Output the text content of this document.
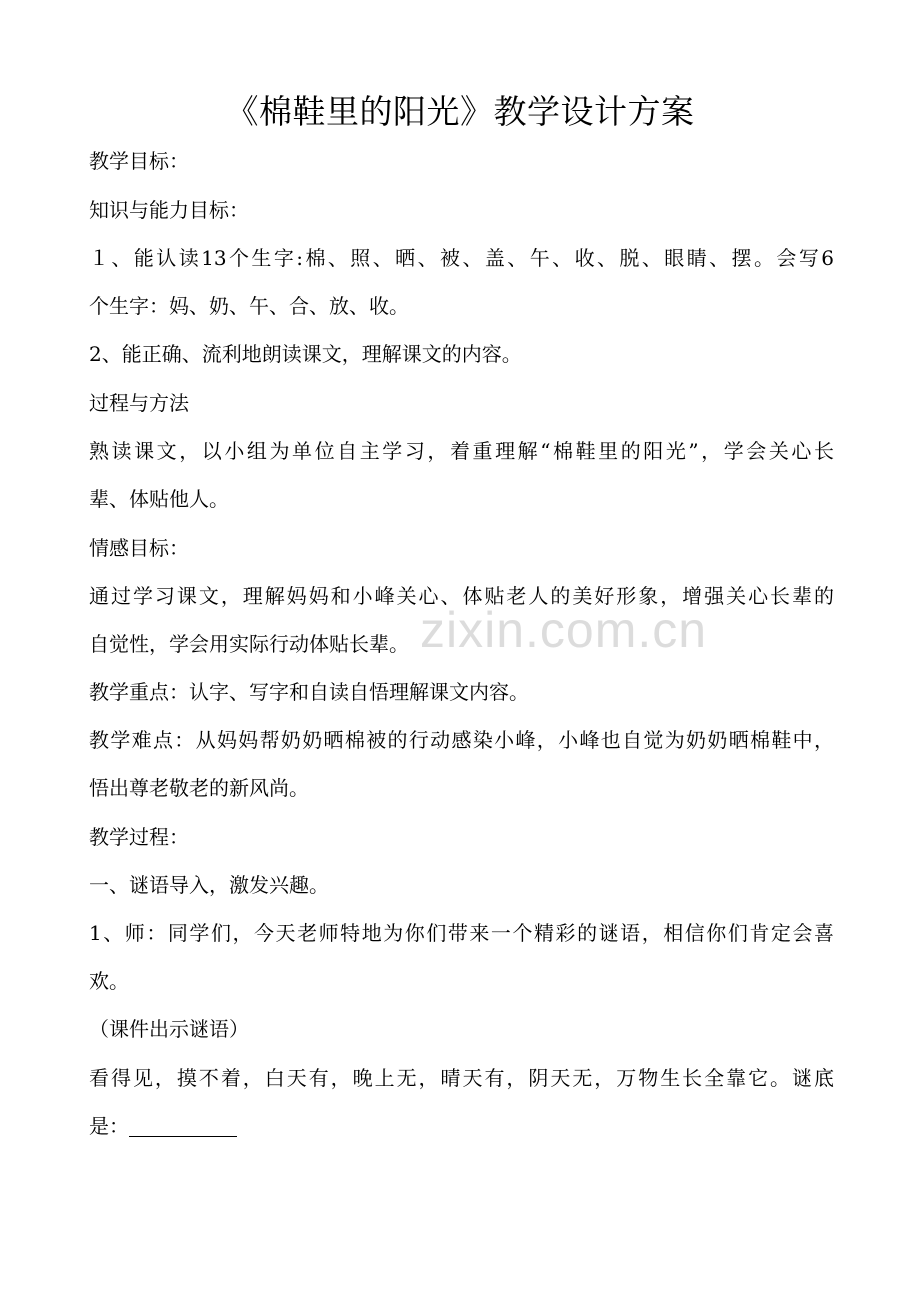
《棉鞋里的阳光》教学设计方案
教学目标：
知识与能力目标：
１、能认读13个生字:棉、照、晒、被、盖、午、收、脱、眼睛、摆。会写6
个生字：妈、奶、午、合、放、收。
2、能正确、流利地朗读课文，理解课文的内容。
过程与方法
熟读课文，以小组为单位自主学习，着重理解“棉鞋里的阳光”，学会关心长
辈、体贴他人。
情感目标：
通过学习课文，理解妈妈和小峰关心、体贴老人的美好形象，增强关心长辈的
自觉性，学会用实际行动体贴长辈。
教学重点：认字、写字和自读自悟理解课文内容。
教学难点：从妈妈帮奶奶晒棉被的行动感染小峰，小峰也自觉为奶奶晒棉鞋中，
悟出尊老敬老的新风尚。
教学过程：
一、谜语导入，激发兴趣。
1、师：同学们，今天老师特地为你们带来一个精彩的谜语，相信你们肯定会喜
欢。
（课件出示谜语）
看得见，摸不着，白天有，晚上无，晴天有，阴天无，万物生长全靠它。谜底
是：
zixin.com.cn
